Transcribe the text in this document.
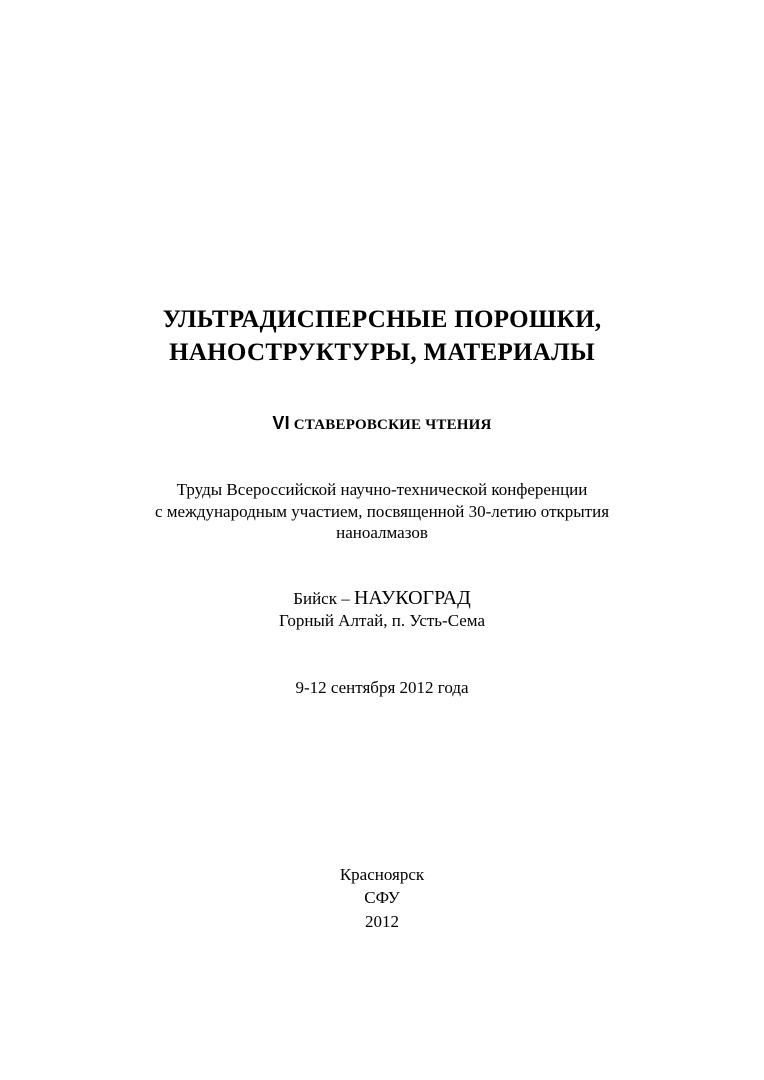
УЛЬТРАДИСПЕРСНЫЕ ПОРОШКИ,
НАНОСТРУКТУРЫ, МАТЕРИАЛЫ
VI СТАВЕРОВСКИЕ ЧТЕНИЯ
Труды Всероссийской научно-технической конференции
с международным участием, посвященной 30-летию открытия
наноалмазов
Бийск – НАУКОГРАД
Горный Алтай, п. Усть-Сема
9-12 сентября 2012 года
Красноярск
СФУ
2012
